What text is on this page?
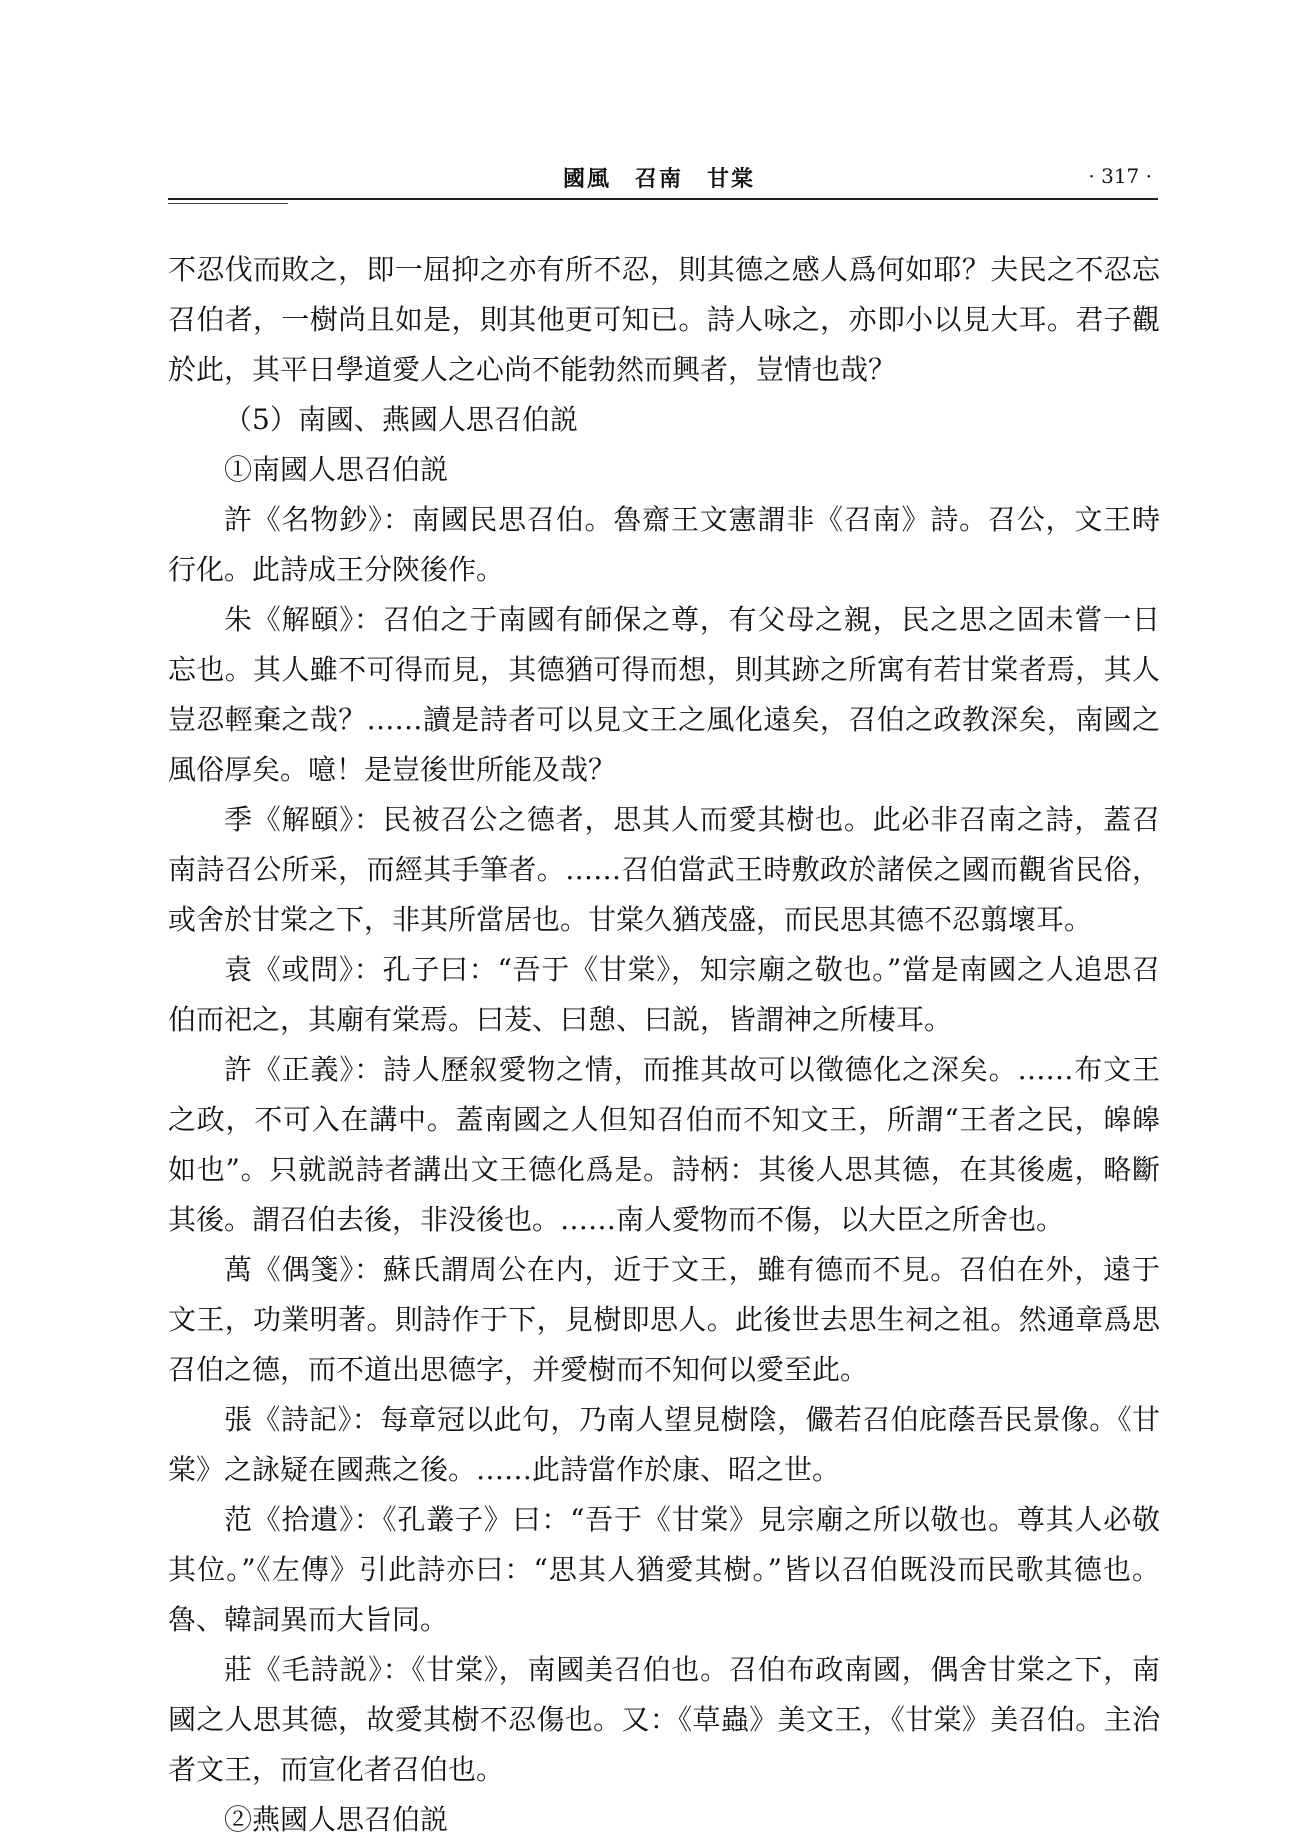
國風　召南　甘棠	· 317 ·

不忍伐而敗之，即一屈抑之亦有所不忍，則其德之感人爲何如耶？夫民之不忍忘召伯者，一樹尚且如是，則其他更可知已。詩人咏之，亦即小以見大耳。君子觀於此，其平日學道愛人之心尚不能勃然而興者，豈情也哉？

（5）南國、燕國人思召伯説

①南國人思召伯説

許《名物鈔》：南國民思召伯。魯齋王文憲謂非《召南》詩。召公，文王時行化。此詩成王分陝後作。

朱《解頤》：召伯之于南國有師保之尊，有父母之親，民之思之固未嘗一日忘也。其人雖不可得而見，其德猶可得而想，則其跡之所寓有若甘棠者焉，其人豈忍輕棄之哉？……讀是詩者可以見文王之風化遠矣，召伯之政教深矣，南國之風俗厚矣。噫！是豈後世所能及哉？

季《解頤》：民被召公之德者，思其人而愛其樹也。此必非召南之詩，蓋召南詩召公所采，而經其手筆者。……召伯當武王時敷政於諸侯之國而觀省民俗，或舍於甘棠之下，非其所當居也。甘棠久猶茂盛，而民思其德不忍翦壞耳。

袁《或問》：孔子曰：“吾于《甘棠》，知宗廟之敬也。”當是南國之人追思召伯而祀之，其廟有棠焉。曰茇、曰憩、曰説，皆謂神之所棲耳。

許《正義》：詩人歷叙愛物之情，而推其故可以徵德化之深矣。……布文王之政，不可入在講中。蓋南國之人但知召伯而不知文王，所謂“王者之民，皞皞如也”。只就説詩者講出文王德化爲是。詩柄：其後人思其德，在其後處，略斷其後。謂召伯去後，非没後也。……南人愛物而不傷，以大臣之所舍也。

萬《偶箋》：蘇氏謂周公在内，近于文王，雖有德而不見。召伯在外，遠于文王，功業明著。則詩作于下，見樹即思人。此後世去思生祠之祖。然通章爲思召伯之德，而不道出思德字，并愛樹而不知何以愛至此。

張《詩記》：每章冠以此句，乃南人望見樹陰，儼若召伯庇蔭吾民景像。《甘棠》之詠疑在國燕之後。……此詩當作於康、昭之世。

范《拾遺》：《孔叢子》曰：“吾于《甘棠》見宗廟之所以敬也。尊其人必敬其位。”《左傳》引此詩亦曰：“思其人猶愛其樹。”皆以召伯既没而民歌其德也。魯、韓詞異而大旨同。

莊《毛詩説》：《甘棠》，南國美召伯也。召伯布政南國，偶舍甘棠之下，南國之人思其德，故愛其樹不忍傷也。又：《草蟲》美文王，《甘棠》美召伯。主治者文王，而宣化者召伯也。

②燕國人思召伯説
